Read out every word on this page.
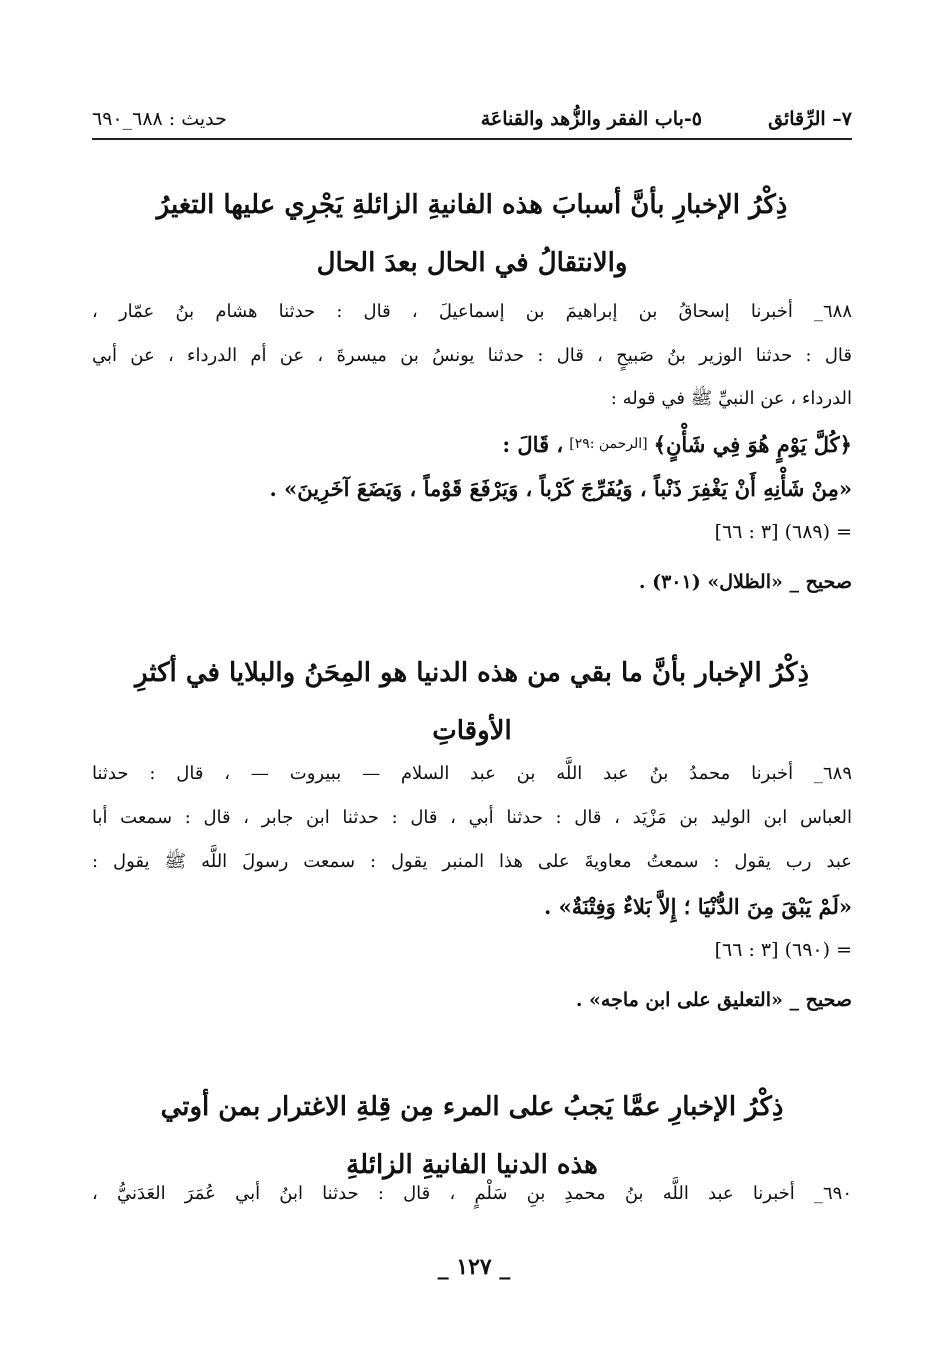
٧– الرِّقائق
٥-باب الفقر والزُّهد والقناعَة
حديث : ٦٨٨_٦٩٠
ذِكْرُ الإخبارِ بأنَّ أسبابَ هذه الفانيةِ الزائلةِ يَجْرِي عليها التغيرُ
والانتقالُ في الحال بعدَ الحال
٦٨٨_ أخبرنا إسحاقُ بن إبراهيمَ بن إسماعيلَ ، قال : حدثنا هشام بنُ عمّار ،
قال : حدثنا الوزير بنُ صَبيحٍ ، قال : حدثنا يونسُ بن ميسرةَ ، عن أم الدرداء ، عن أبي
الدرداء ، عن النبيِّ ﷺ في قوله :
﴿كُلَّ يَوْمٍ هُوَ فِي شَأْنٍ﴾
[الرحمن :٢٩]
، قَالَ :
«مِنْ شَأْنِهِ أَنْ يَغْفِرَ ذَنْباً ، وَيُفَرِّجَ كَرْباً ، وَيَرْفَعَ قَوْماً ، وَيَضَعَ آخَرِينَ» .
= (٦٨٩) [٣ : ٦٦]
صحيح _ «الظلال» (٣٠١) .
ذِكْرُ الإخبار بأنَّ ما بقي من هذه الدنيا هو المِحَنُ والبلايا في أكثرِ
الأوقاتِ
٦٨٩_ أخبرنا محمدُ بنُ عبد اللَّه بن عبد السلام — ببيروت — ، قال : حدثنا
العباس ابن الوليد بن مَزْيَد ، قال : حدثنا أبي ، قال : حدثنا ابن جابر ، قال : سمعت أبا
عبد رب يقول : سمعتُ معاويةَ على هذا المنبر يقول : سمعت رسولَ اللَّه ﷺ يقول :
«لَمْ يَبْقَ مِنَ الدُّنْيَا ؛ إِلاَّ بَلاءٌ وَفِتْنَةٌ» .
= (٦٩٠) [٣ : ٦٦]
صحيح _ «التعليق على ابن ماجه» .
ذِكْرُ الإخبارِ عمَّا يَجبُ على المرء مِن قِلةِ الاغترار بمن أوتي
هذه الدنيا الفانيةِ الزائلةِ
٦٩٠_ أخبرنا عبد اللَّه بنُ محمدِ بنِ سَلْمٍ ، قال : حدثنا ابنُ أبي عُمَرَ العَدَنيُّ ،
_ ١٢٧ _
